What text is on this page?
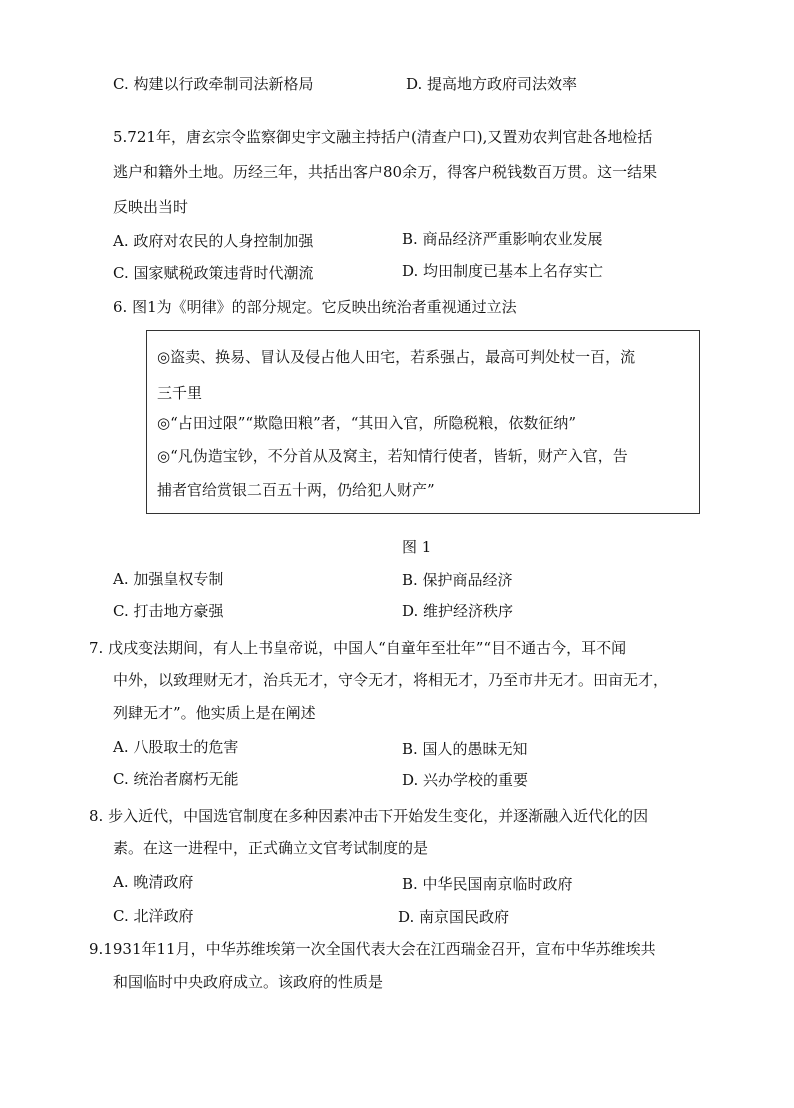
C. 构建以行政牵制司法新格局	D. 提高地方政府司法效率
5.721年，唐玄宗令监察御史宇文融主持括户(清查户口),又置劝农判官赴各地检括
逃户和籍外土地。历经三年，共括出客户80余万，得客户税钱数百万贯。这一结果
反映出当时
A. 政府对农民的人身控制加强	B. 商品经济严重影响农业发展
C. 国家赋税政策违背时代潮流	D. 均田制度已基本上名存实亡
6. 图1为《明律》的部分规定。它反映出统治者重视通过立法
◎盗卖、换易、冒认及侵占他人田宅，若系强占，最高可判处杖一百，流
三千里
◎“占田过限”“欺隐田粮”者，“其田入官，所隐税粮，依数征纳”
◎“凡伪造宝钞，不分首从及窝主，若知情行使者，皆斩，财产入官，告
捕者官给赏银二百五十两，仍给犯人财产”
图 1
A. 加强皇权专制	B. 保护商品经济
C. 打击地方豪强	D. 维护经济秩序
7. 戊戌变法期间，有人上书皇帝说，中国人“自童年至壮年”“目不通古今，耳不闻
中外，以致理财无才，治兵无才，守令无才，将相无才，乃至市井无才。田亩无才，
列肆无才”。他实质上是在阐述
A. 八股取士的危害	B. 国人的愚昧无知
C. 统治者腐朽无能	D. 兴办学校的重要
8. 步入近代，中国选官制度在多种因素冲击下开始发生变化，并逐渐融入近代化的因
素。在这一进程中，正式确立文官考试制度的是
A. 晚清政府	B. 中华民国南京临时政府
C. 北洋政府	D. 南京国民政府
9.1931年11月，中华苏维埃第一次全国代表大会在江西瑞金召开，宣布中华苏维埃共
和国临时中央政府成立。该政府的性质是
